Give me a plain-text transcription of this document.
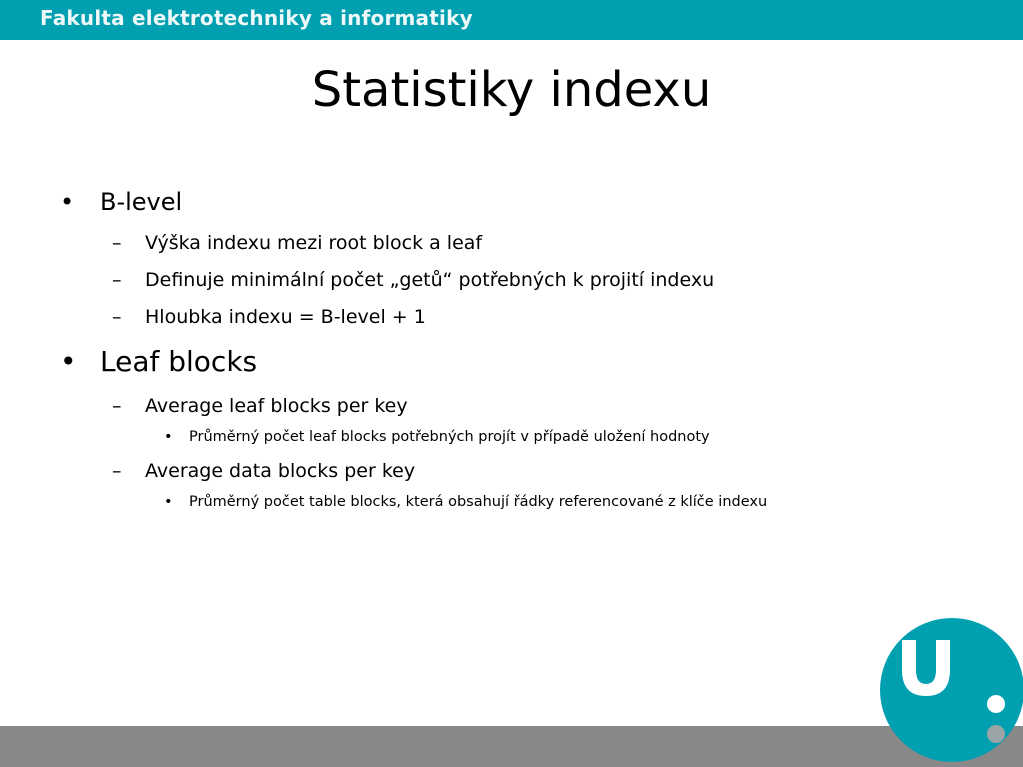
Fakulta elektrotechniky a informatiky
Statistiky indexu
• B-level
– Výška indexu mezi root block a leaf
– Definuje minimální počet „getů“ potřebných k projití indexu
– Hloubka indexu = B-level + 1
• Leaf blocks
– Average leaf blocks per key
• Průměrný počet leaf blocks potřebných projít v případě uložení hodnoty
– Average data blocks per key
• Průměrný počet table blocks, která obsahují řádky referencované z klíče indexu
